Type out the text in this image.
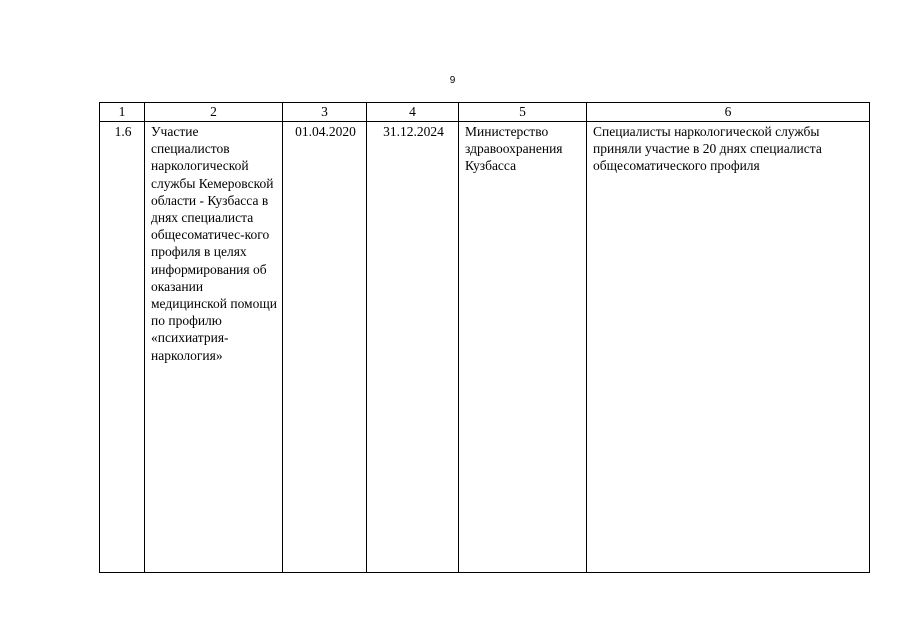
9
1	2	3	4	5	6

1.6	Участие специалистов наркологической службы Кемеровской области - Кузбасса в днях специалиста общесоматичес-кого профиля в целях информирования об оказании медицинской помощи по профилю «психиатрия-наркология»	01.04.2020	31.12.2024	Министерство здравоохранения Кузбасса	Специалисты наркологической службы приняли участие в 20 днях специалиста общесоматического профиля
